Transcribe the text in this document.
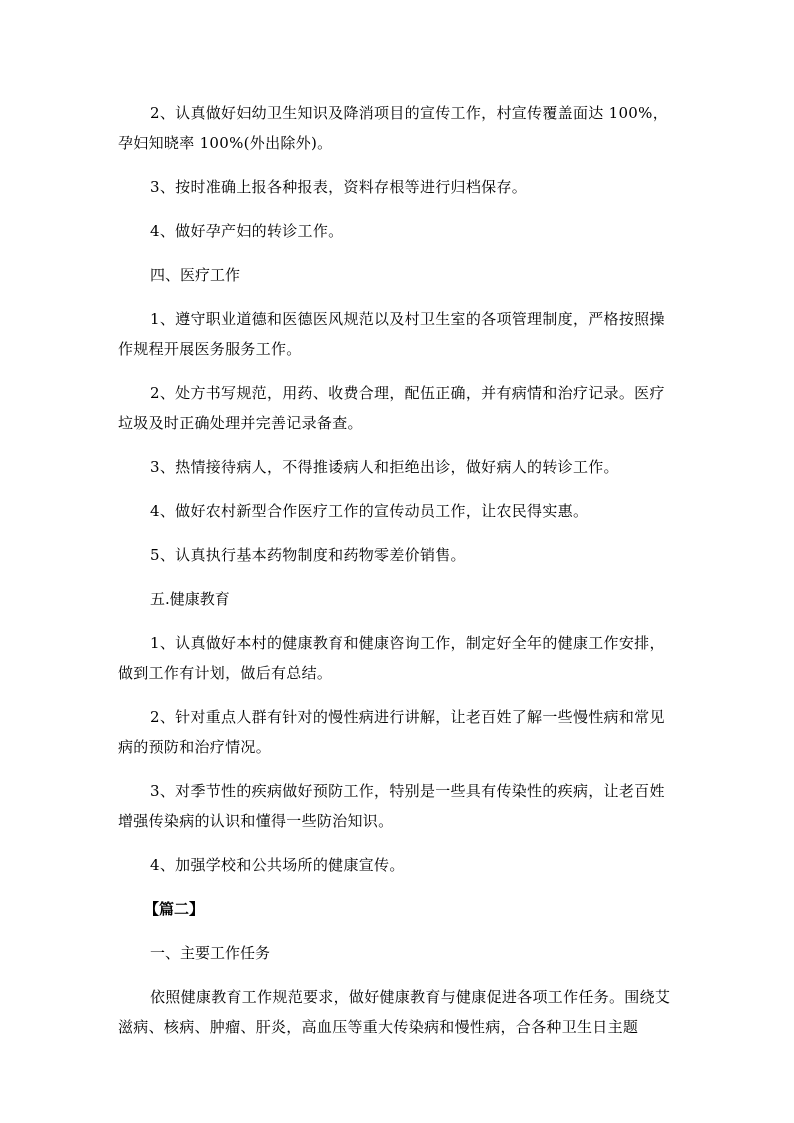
2、认真做好妇幼卫生知识及降消项目的宣传工作，村宣传覆盖面达 100%，孕妇知晓率 100%(外出除外)。

3、按时准确上报各种报表，资料存根等进行归档保存。

4、做好孕产妇的转诊工作。

四、医疗工作

1、遵守职业道德和医德医风规范以及村卫生室的各项管理制度，严格按照操作规程开展医务服务工作。

2、处方书写规范，用药、收费合理，配伍正确，并有病情和治疗记录。医疗垃圾及时正确处理并完善记录备查。

3、热情接待病人，不得推诿病人和拒绝出诊，做好病人的转诊工作。

4、做好农村新型合作医疗工作的宣传动员工作，让农民得实惠。

5、认真执行基本药物制度和药物零差价销售。

五.健康教育

1、认真做好本村的健康教育和健康咨询工作，制定好全年的健康工作安排，做到工作有计划，做后有总结。

2、针对重点人群有针对的慢性病进行讲解，让老百姓了解一些慢性病和常见病的预防和治疗情况。

3、对季节性的疾病做好预防工作，特别是一些具有传染性的疾病，让老百姓增强传染病的认识和懂得一些防治知识。

4、加强学校和公共场所的健康宣传。

【篇二】

一、主要工作任务

依照健康教育工作规范要求，做好健康教育与健康促进各项工作任务。围绕艾滋病、核病、肿瘤、肝炎，高血压等重大传染病和慢性病，合各种卫生日主题
